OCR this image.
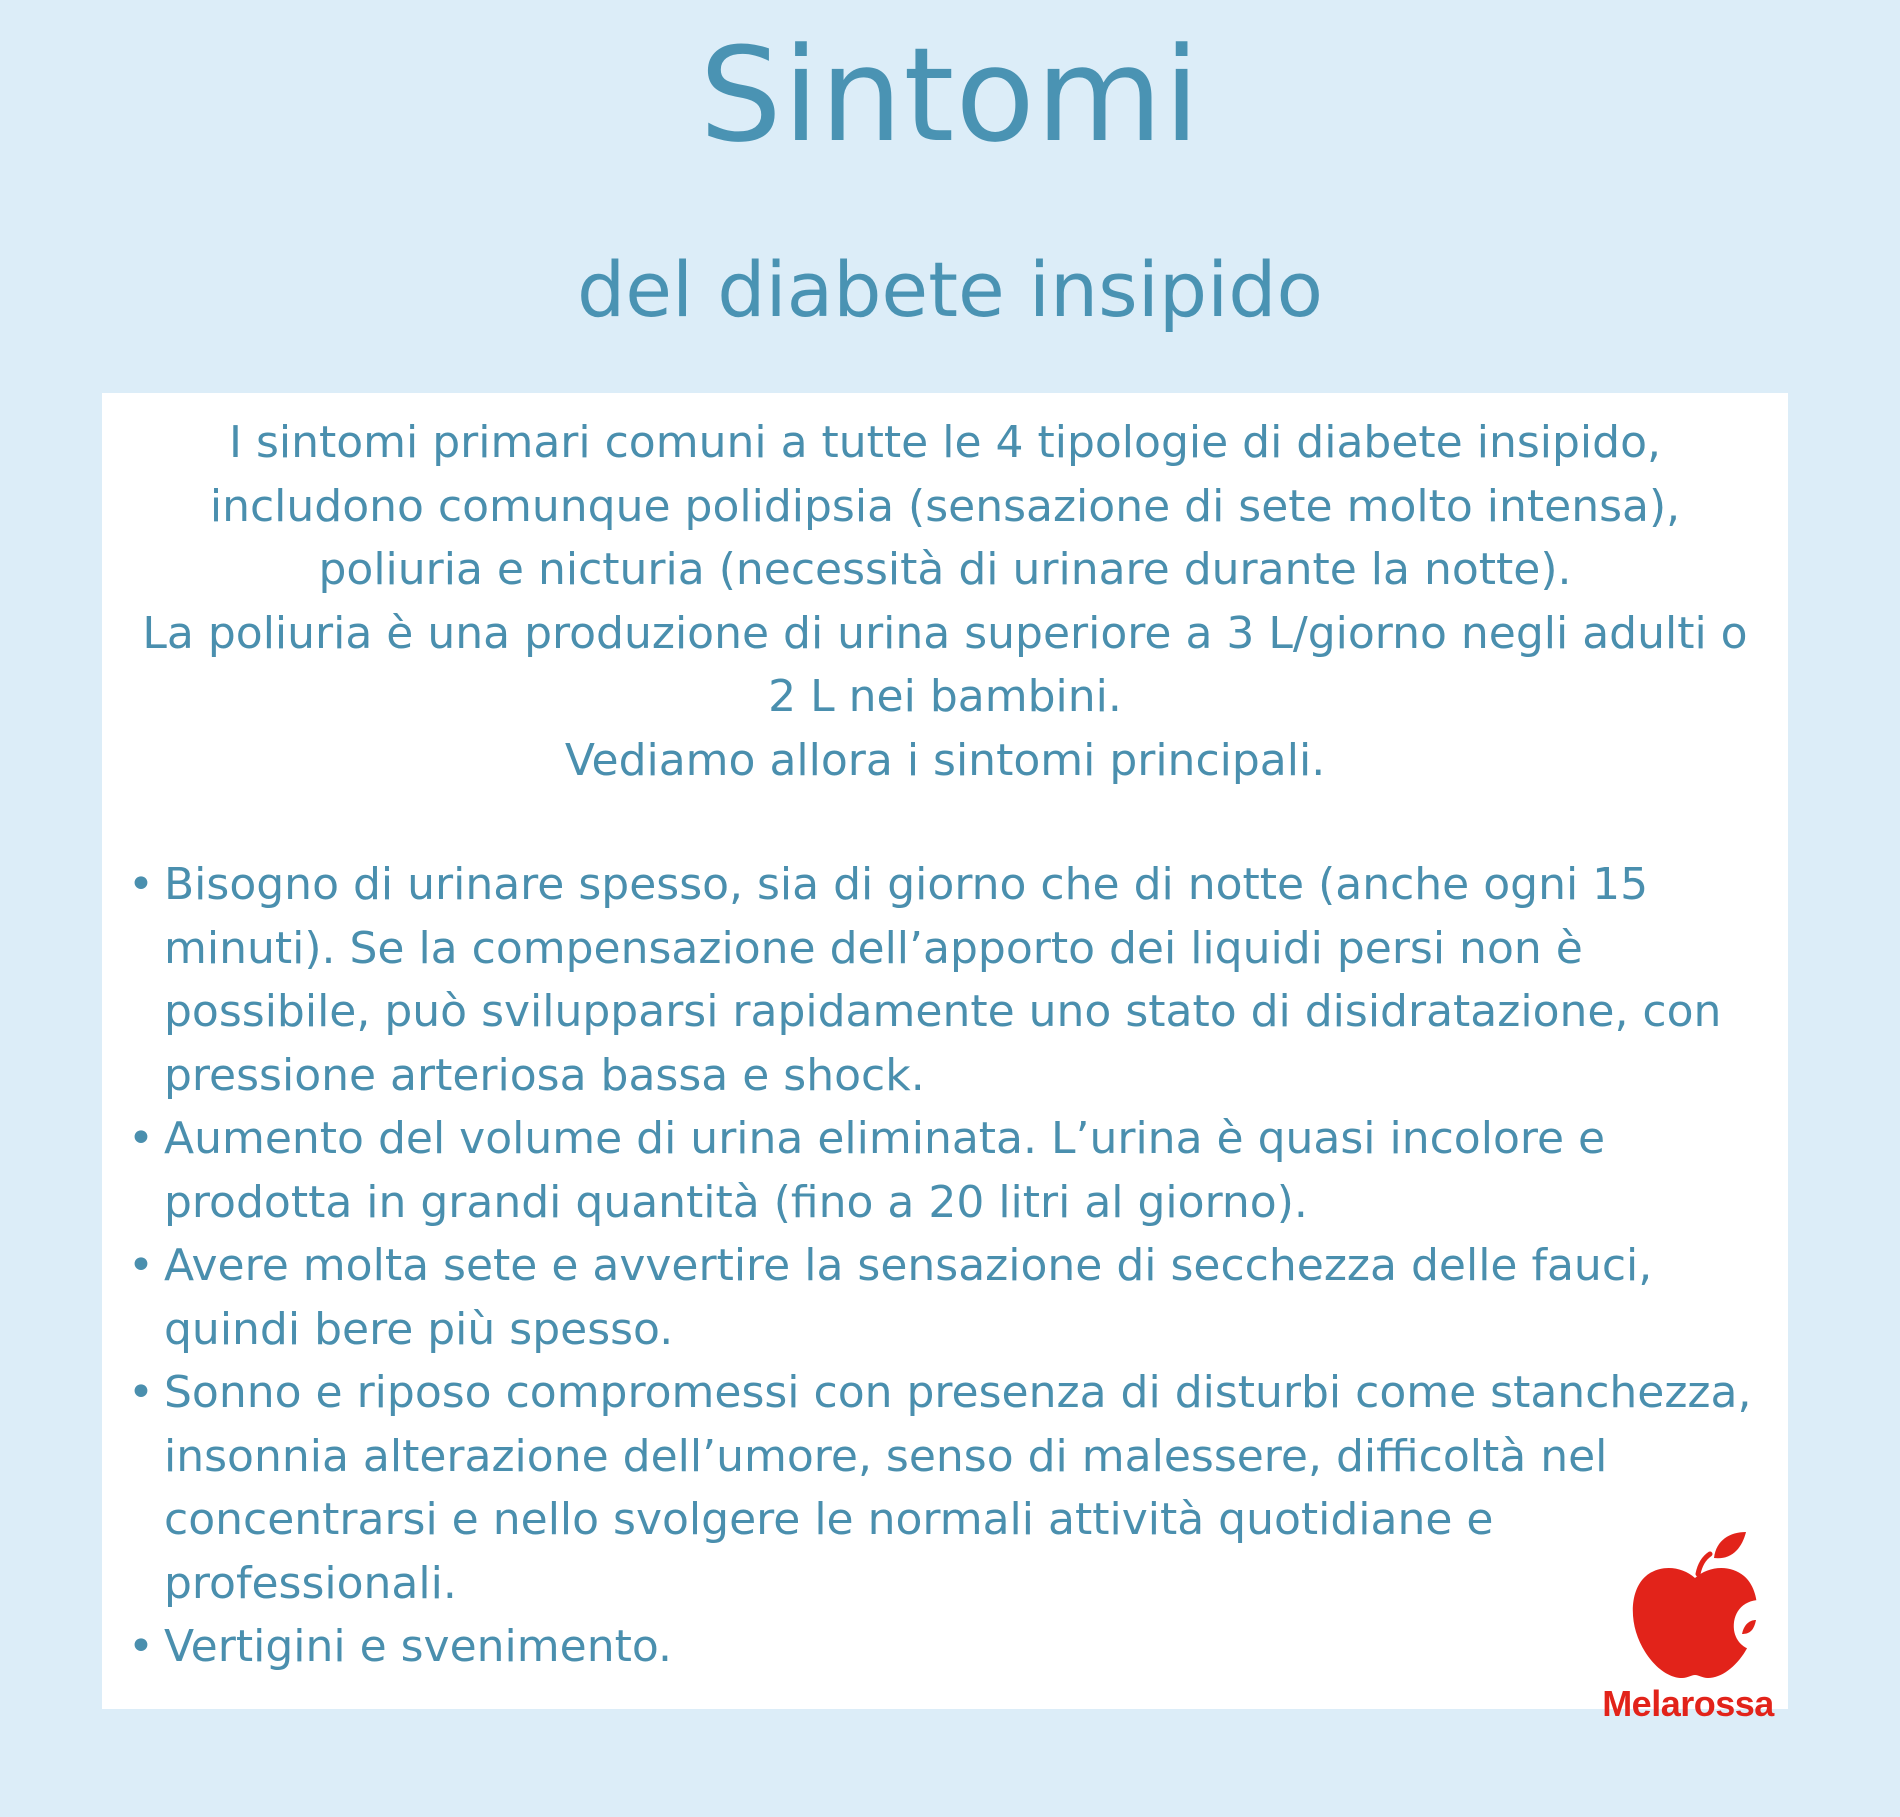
Sintomi
del diabete insipido

I sintomi primari comuni a tutte le 4 tipologie di diabete insipido, includono comunque polidipsia (sensazione di sete molto intensa), poliuria e nicturia (necessità di urinare durante la notte).

La poliuria è una produzione di urina superiore a 3 L/giorno negli adulti o 2 L nei bambini.

Vediamo allora i sintomi principali.

• Bisogno di urinare spesso, sia di giorno che di notte (anche ogni 15 minuti). Se la compensazione dell’apporto dei liquidi persi non è possibile, può svilupparsi rapidamente uno stato di disidratazione, con pressione arteriosa bassa e shock.
• Aumento del volume di urina eliminata. L’urina è quasi incolore e prodotta in grandi quantità (fino a 20 litri al giorno).
• Avere molta sete e avvertire la sensazione di secchezza delle fauci, quindi bere più spesso.
• Sonno e riposo compromessi con presenza di disturbi come stanchezza, insonnia alterazione dell’umore, senso di malessere, difficoltà nel concentrarsi e nello svolgere le normali attività quotidiane e professionali.
• Vertigini e svenimento.
Melarossa
